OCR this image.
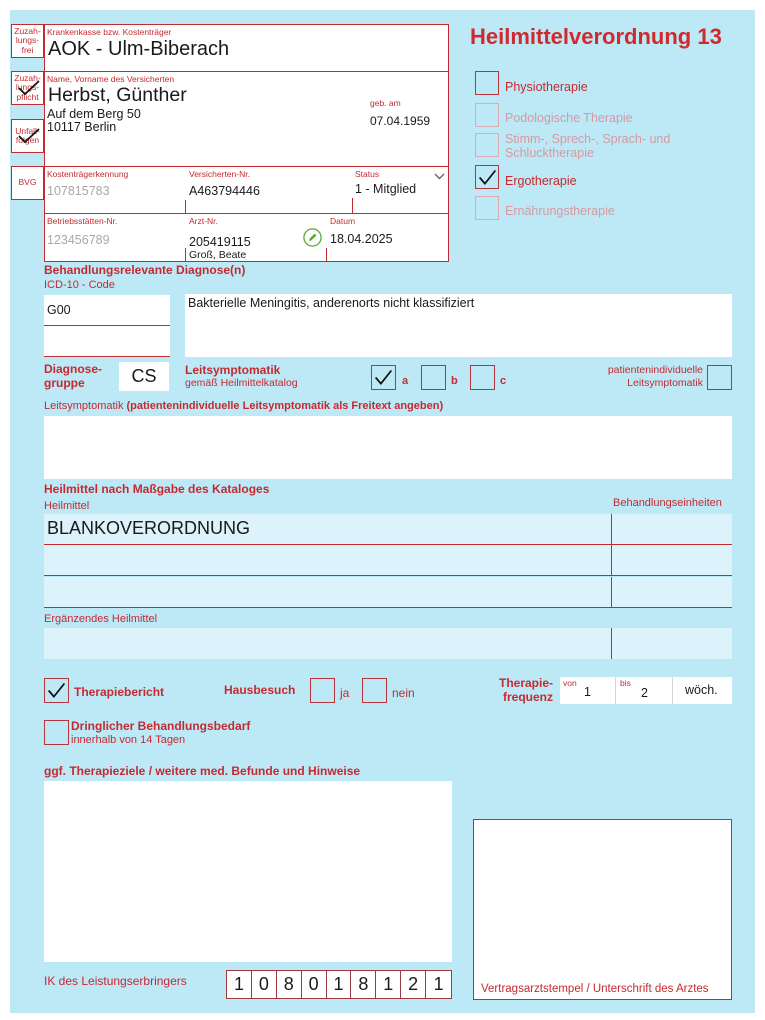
Zuzah-
lungs-
frei
Zuzah-
lungs-
pflicht
Unfall-
folgen
BVG
Krankenkasse bzw. Kostenträger
AOK - Ulm-Biberach
Name, Vorname des Versicherten
Herbst, Günther
Auf dem Berg 50
10117 Berlin
geb. am
07.04.1959
Kostenträgerkennung
107815783
Versicherten-Nr.
A463794446
Status
1 - Mitglied
Betriebsstätten-Nr.
123456789
Arzt-Nr.
205419115
Groß, Beate
Datum
18.04.2025
Heilmittelverordnung 13
Physiotherapie
Podologische Therapie
Stimm-, Sprech-, Sprach- und
Schlucktherapie
Ergotherapie
Ernährungstherapie
Behandlungsrelevante Diagnose(n)
ICD-10 - Code
G00	Bakterielle Meningitis, anderenorts nicht klassifiziert
Diagnose-
gruppe	CS	Leitsymptomatik
gemäß Heilmittelkatalog	a	b	c
patientenindividuelle
Leitsymptomatik
Leitsymptomatik (patientenindividuelle Leitsymptomatik als Freitext angeben)
Heilmittel nach Maßgabe des Kataloges
Heilmittel	Behandlungseinheiten
BLANKOVERORDNUNG
Ergänzendes Heilmittel
Therapiebericht	Hausbesuch	ja	nein
Therapie-
frequenz
von
1
bis
2	wöch.
Dringlicher Behandlungsbedarf
innerhalb von 14 Tagen
ggf. Therapieziele / weitere med. Befunde und Hinweise
IK des Leistungserbringers	1 0 8 0 1 8 1 2 1	Vertragsarztstempel / Unterschrift des Arztes
